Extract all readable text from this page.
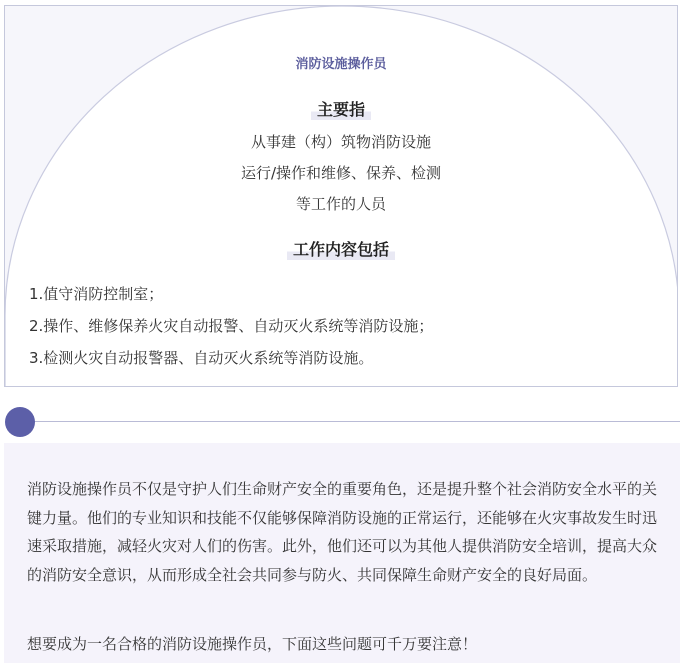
消防设施操作员
主要指
从事建（构）筑物消防设施
运行/操作和维修、保养、检测
等工作的人员
工作内容包括
1.值守消防控制室；
2.操作、维修保养火灾自动报警、自动灭火系统等消防设施；
3.检测火灾自动报警器、自动灭火系统等消防设施。

消防设施操作员不仅是守护人们生命财产安全的重要角色，还是提升整个社会消防安全水平的关键力量。他们的专业知识和技能不仅能够保障消防设施的正常运行，还能够在火灾事故发生时迅速采取措施，减轻火灾对人们的伤害。此外，他们还可以为其他人提供消防安全培训，提高大众的消防安全意识，从而形成全社会共同参与防火、共同保障生命财产安全的良好局面。

想要成为一名合格的消防设施操作员，下面这些问题可千万要注意！
